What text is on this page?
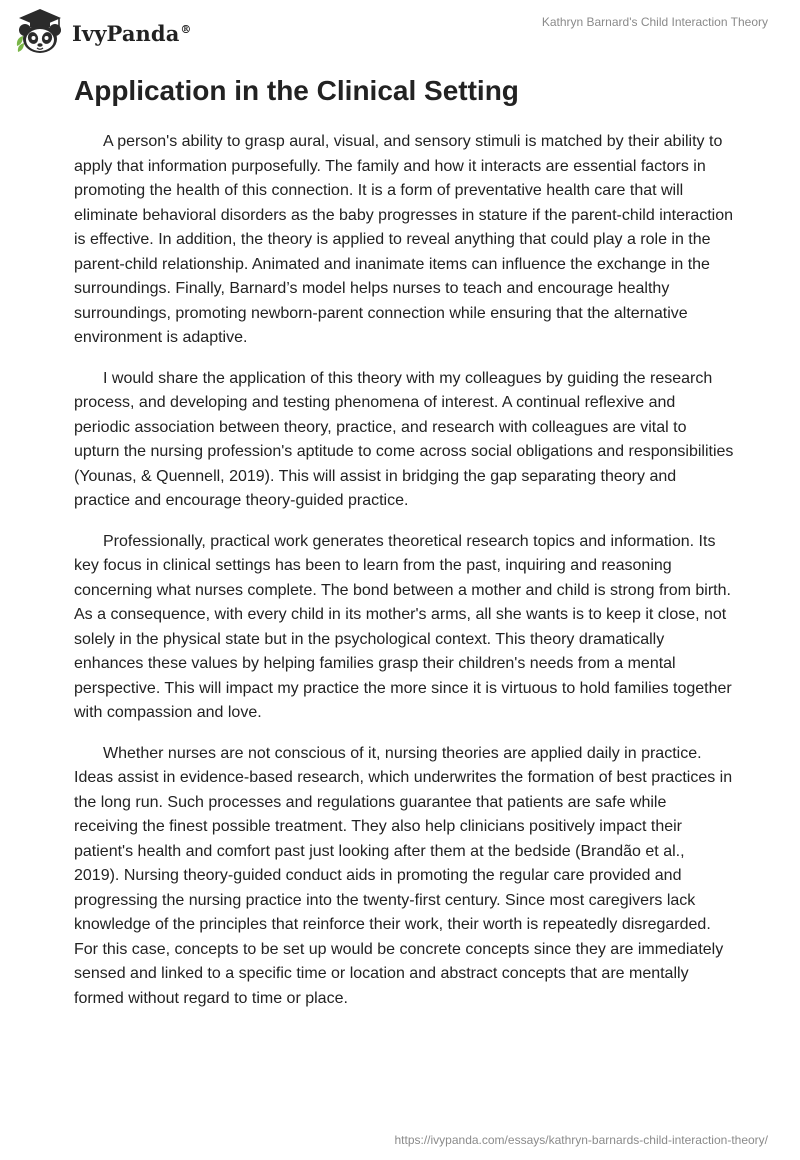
IvyPanda®	Kathryn Barnard's Child Interaction Theory
Application in the Clinical Setting

A person's ability to grasp aural, visual, and sensory stimuli is matched by their ability to apply that information purposefully. The family and how it interacts are essential factors in promoting the health of this connection. It is a form of preventative health care that will eliminate behavioral disorders as the baby progresses in stature if the parent-child interaction is effective. In addition, the theory is applied to reveal anything that could play a role in the parent-child relationship. Animated and inanimate items can influence the exchange in the surroundings. Finally, Barnard’s model helps nurses to teach and encourage healthy surroundings, promoting newborn-parent connection while ensuring that the alternative environment is adaptive.

I would share the application of this theory with my colleagues by guiding the research process, and developing and testing phenomena of interest. A continual reflexive and periodic association between theory, practice, and research with colleagues are vital to upturn the nursing profession's aptitude to come across social obligations and responsibilities (Younas, & Quennell, 2019). This will assist in bridging the gap separating theory and practice and encourage theory-guided practice.

Professionally, practical work generates theoretical research topics and information. Its key focus in clinical settings has been to learn from the past, inquiring and reasoning concerning what nurses complete. The bond between a mother and child is strong from birth. As a consequence, with every child in its mother's arms, all she wants is to keep it close, not solely in the physical state but in the psychological context. This theory dramatically enhances these values by helping families grasp their children's needs from a mental perspective. This will impact my practice the more since it is virtuous to hold families together with compassion and love.

Whether nurses are not conscious of it, nursing theories are applied daily in practice. Ideas assist in evidence-based research, which underwrites the formation of best practices in the long run. Such processes and regulations guarantee that patients are safe while receiving the finest possible treatment. They also help clinicians positively impact their patient's health and comfort past just looking after them at the bedside (Brandão et al., 2019). Nursing theory-guided conduct aids in promoting the regular care provided and progressing the nursing practice into the twenty-first century. Since most caregivers lack knowledge of the principles that reinforce their work, their worth is repeatedly disregarded. For this case, concepts to be set up would be concrete concepts since they are immediately sensed and linked to a specific time or location and abstract concepts that are mentally formed without regard to time or place.

https://ivypanda.com/essays/kathryn-barnards-child-interaction-theory/
